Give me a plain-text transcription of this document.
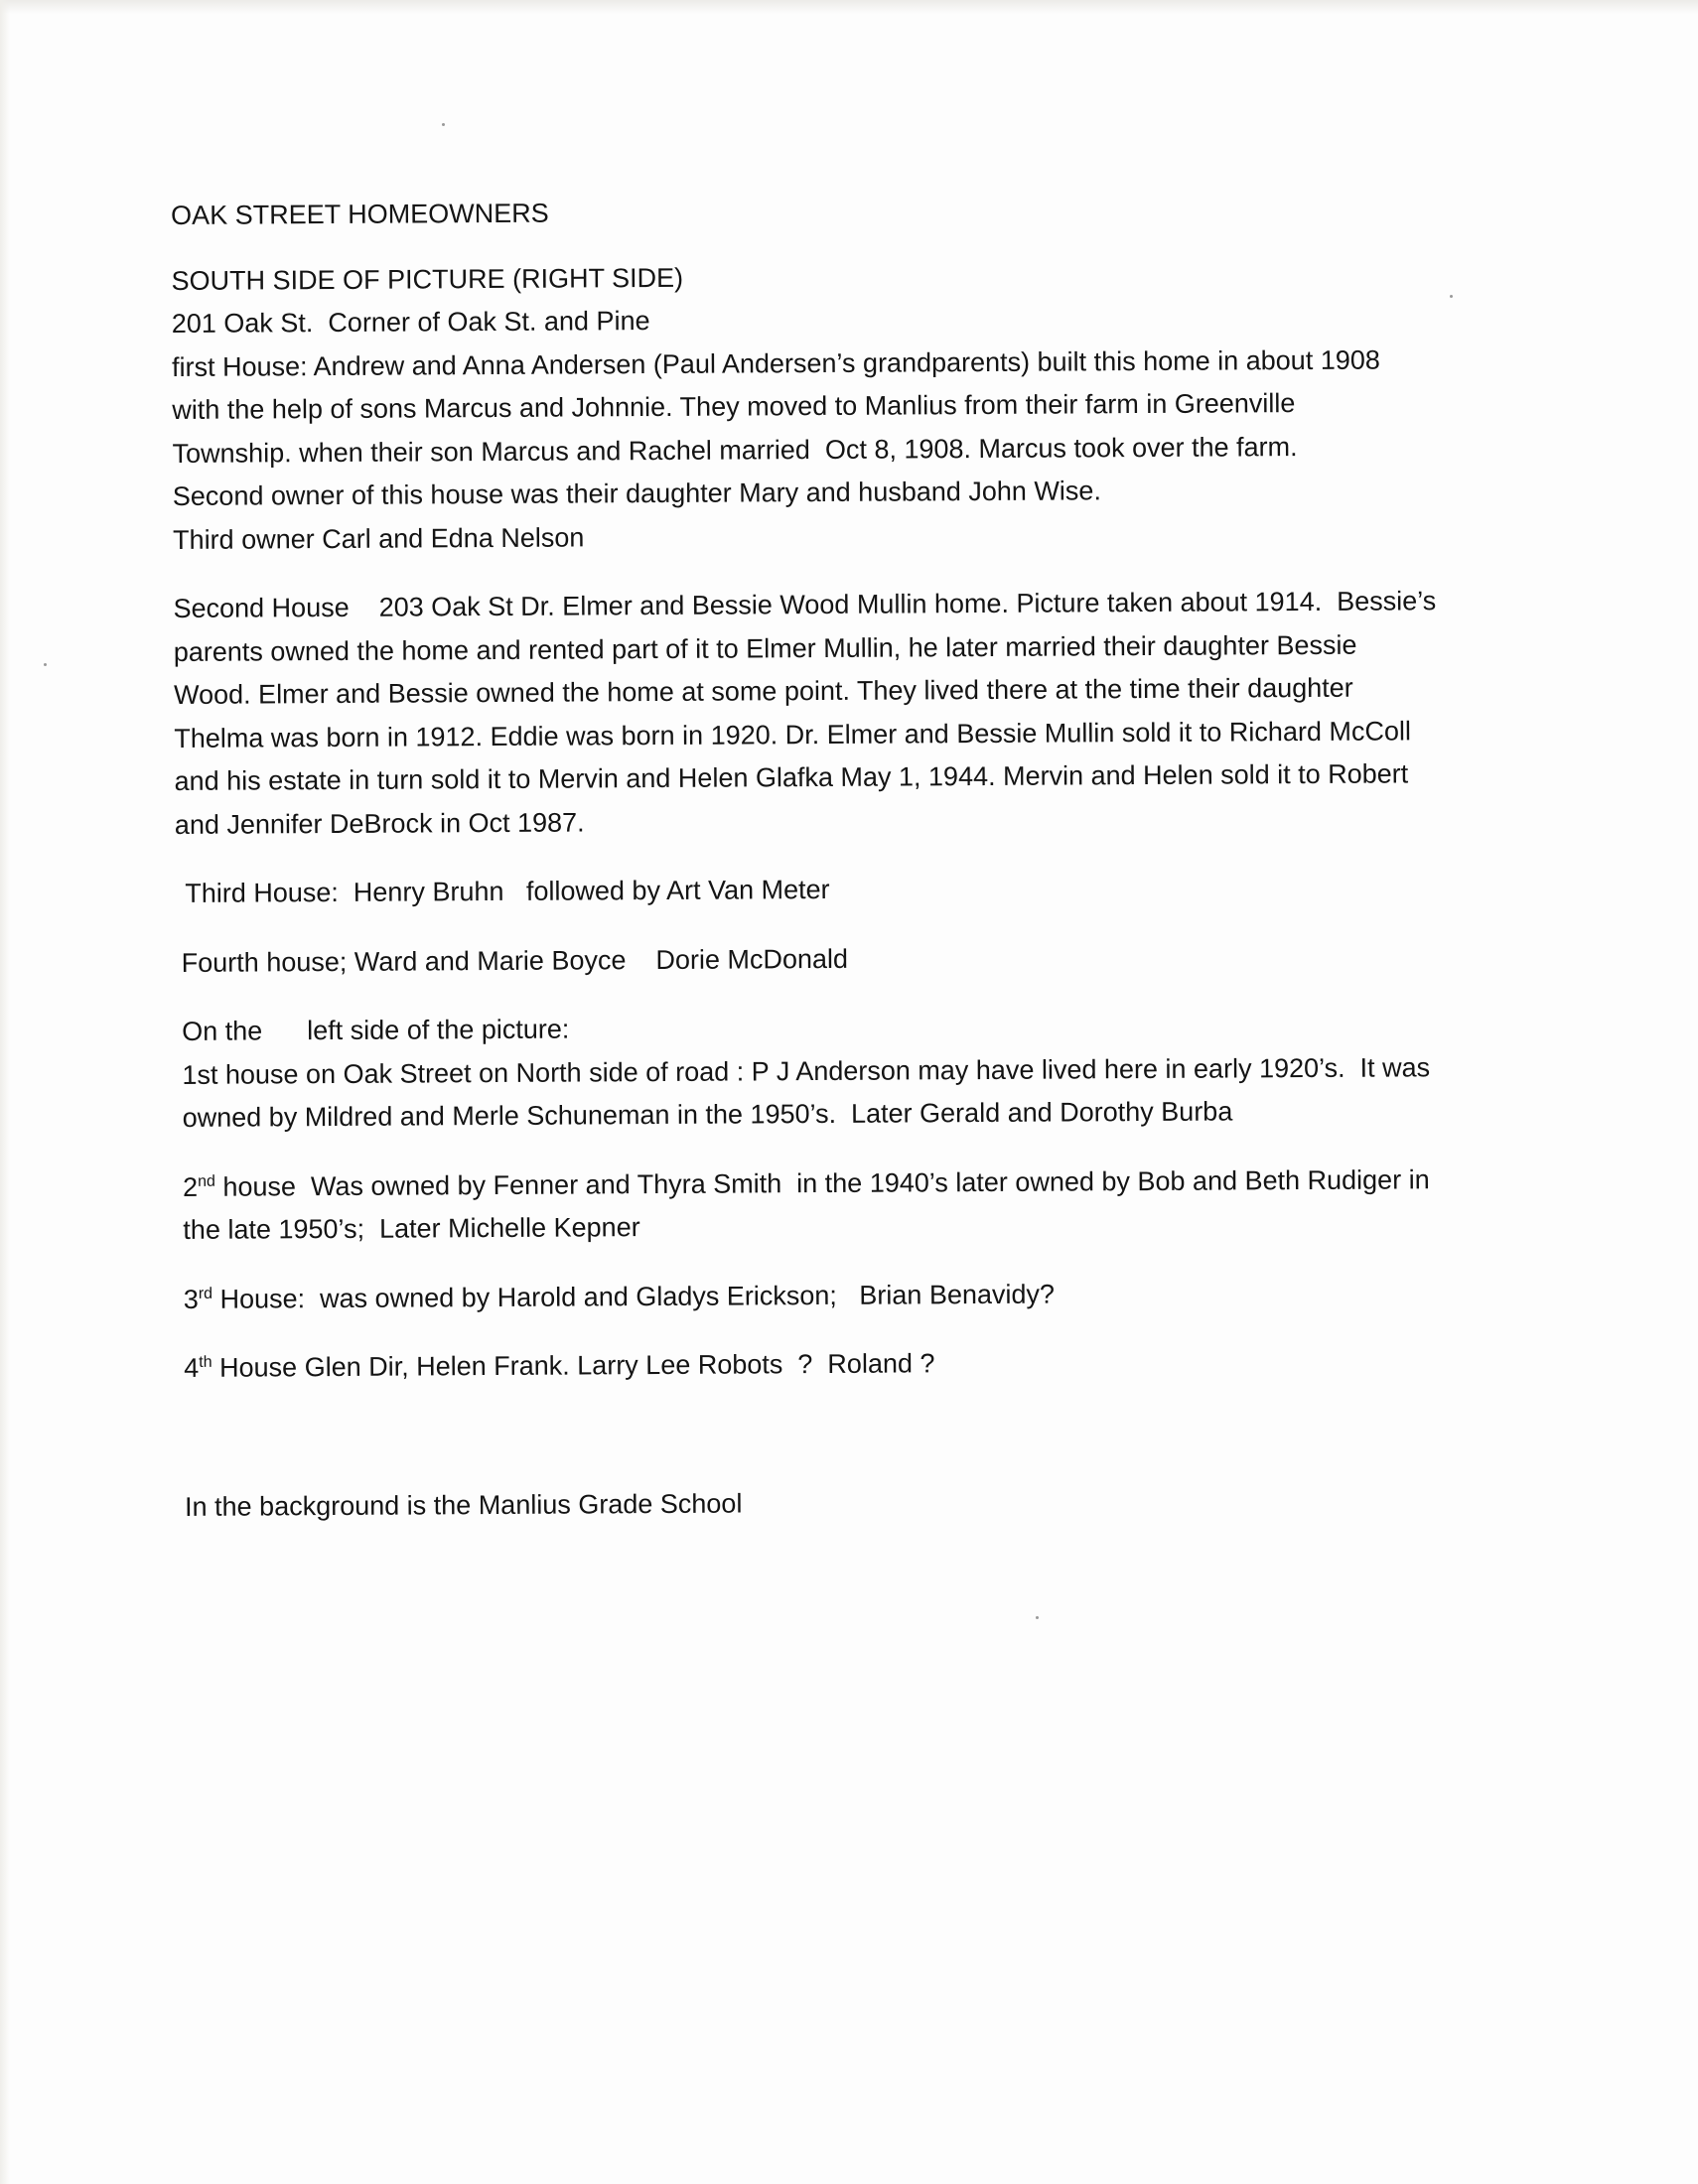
OAK STREET HOMEOWNERS

SOUTH SIDE OF PICTURE (RIGHT SIDE)

201 Oak St.  Corner of Oak St. and Pine

first House: Andrew and Anna Andersen (Paul Andersen’s grandparents) built this home in about 1908

with the help of sons Marcus and Johnnie. They moved to Manlius from their farm in Greenville

Township. when their son Marcus and Rachel married  Oct 8, 1908. Marcus took over the farm.

Second owner of this house was their daughter Mary and husband John Wise.

Third owner Carl and Edna Nelson

Second House    203 Oak St Dr. Elmer and Bessie Wood Mullin home. Picture taken about 1914.  Bessie’s

parents owned the home and rented part of it to Elmer Mullin, he later married their daughter Bessie

Wood. Elmer and Bessie owned the home at some point. They lived there at the time their daughter

Thelma was born in 1912. Eddie was born in 1920. Dr. Elmer and Bessie Mullin sold it to Richard McColl

and his estate in turn sold it to Mervin and Helen Glafka May 1, 1944. Mervin and Helen sold it to Robert

and Jennifer DeBrock in Oct 1987.

Third House:  Henry Bruhn   followed by Art Van Meter

Fourth house; Ward and Marie Boyce    Dorie McDonald

On the      left side of the picture:

1st house on Oak Street on North side of road : P J Anderson may have lived here in early 1920’s.  It was

owned by Mildred and Merle Schuneman in the 1950’s.  Later Gerald and Dorothy Burba

2nd house  Was owned by Fenner and Thyra Smith  in the 1940’s later owned by Bob and Beth Rudiger in

the late 1950’s;  Later Michelle Kepner

3rd House:  was owned by Harold and Gladys Erickson;   Brian Benavidy?

4th House Glen Dir, Helen Frank. Larry Lee Robots  ?  Roland ?

In the background is the Manlius Grade School
